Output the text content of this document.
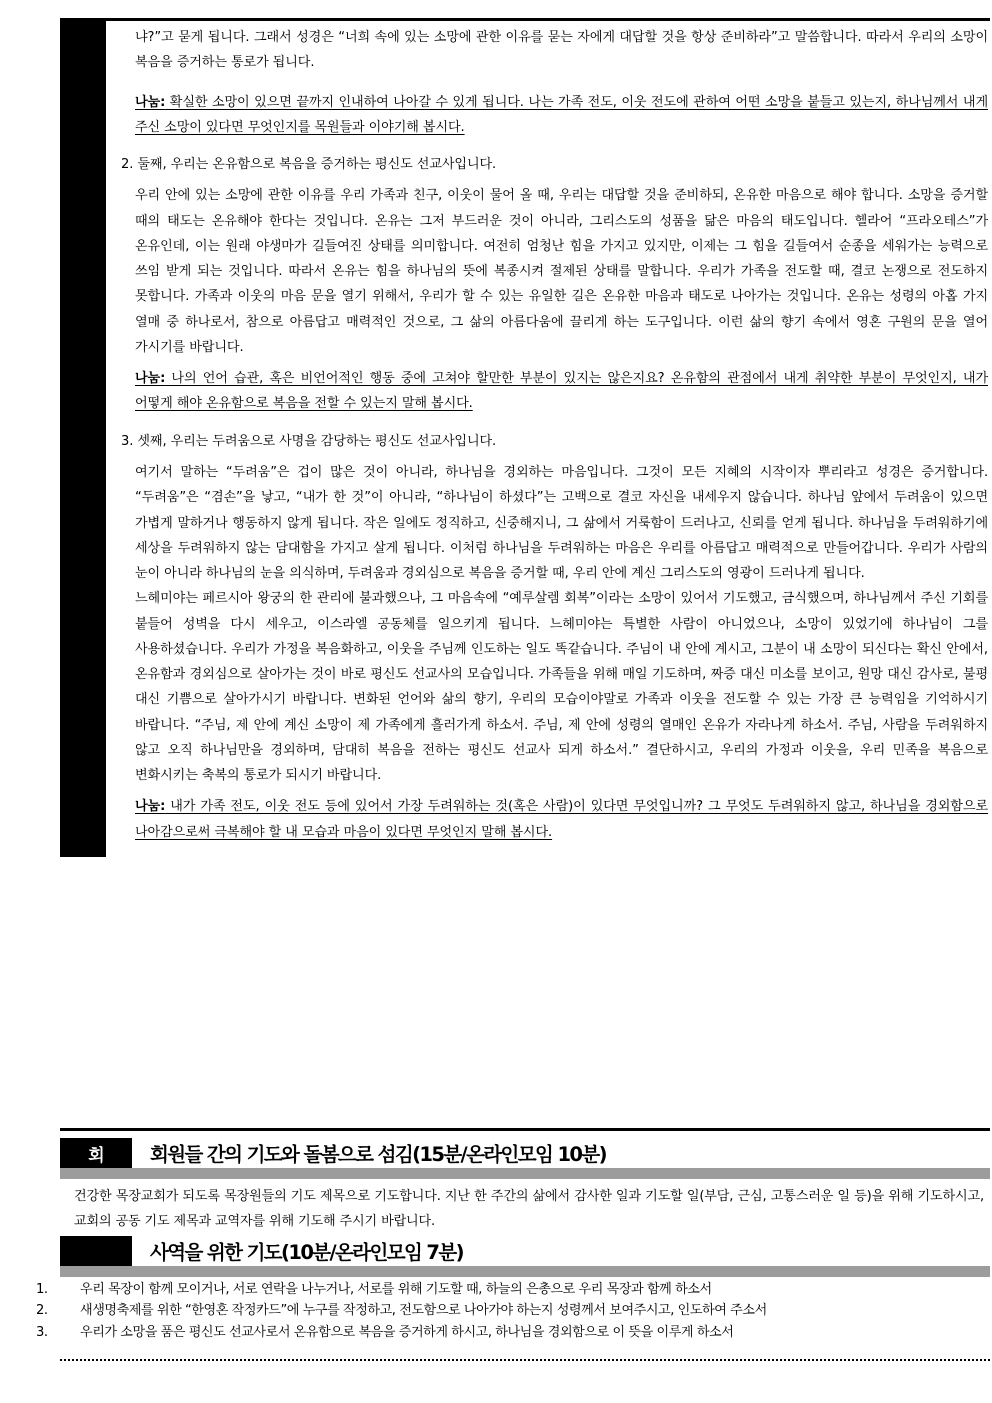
냐?”고 묻게 됩니다. 그래서 성경은 “너희 속에 있는 소망에 관한 이유를 묻는 자에게 대답할 것을 항상 준비하라”고 말씀합니다. 따라서 우리의 소망이 복음을 증거하는 통로가 됩니다.

나눔: 확실한 소망이 있으면 끝까지 인내하여 나아갈 수 있게 됩니다. 나는 가족 전도, 이웃 전도에 관하여 어떤 소망을 붙들고 있는지, 하나님께서 내게 주신 소망이 있다면 무엇인지를 목원들과 이야기해 봅시다.

2. 둘째, 우리는 온유함으로 복음을 증거하는 평신도 선교사입니다.

우리 안에 있는 소망에 관한 이유를 우리 가족과 친구, 이웃이 물어 올 때, 우리는 대답할 것을 준비하되, 온유한 마음으로 해야 합니다. 소망을 증거할 때의 태도는 온유해야 한다는 것입니다. 온유는 그저 부드러운 것이 아니라, 그리스도의 성품을 닮은 마음의 태도입니다. 헬라어 “프라오테스”가 온유인데, 이는 원래 야생마가 길들여진 상태를 의미합니다. 여전히 엄청난 힘을 가지고 있지만, 이제는 그 힘을 길들여서 순종을 세워가는 능력으로 쓰임 받게 되는 것입니다. 따라서 온유는 힘을 하나님의 뜻에 복종시켜 절제된 상태를 말합니다. 우리가 가족을 전도할 때, 결코 논쟁으로 전도하지 못합니다. 가족과 이웃의 마음 문을 열기 위해서, 우리가 할 수 있는 유일한 길은 온유한 마음과 태도로 나아가는 것입니다. 온유는 성령의 아홉 가지 열매 중 하나로서, 참으로 아름답고 매력적인 것으로, 그 삶의 아름다움에 끌리게 하는 도구입니다. 이런 삶의 향기 속에서 영혼 구원의 문을 열어 가시기를 바랍니다.

나눔: 나의 언어 습관, 혹은 비언어적인 행동 중에 고쳐야 할만한 부분이 있지는 않은지요? 온유함의 관점에서 내게 취약한 부분이 무엇인지, 내가 어떻게 해야 온유함으로 복음을 전할 수 있는지 말해 봅시다.

3. 셋째, 우리는 두려움으로 사명을 감당하는 평신도 선교사입니다.

여기서 말하는 “두려움”은 겁이 많은 것이 아니라, 하나님을 경외하는 마음입니다. 그것이 모든 지혜의 시작이자 뿌리라고 성경은 증거합니다. “두려움”은 “겸손”을 낳고, “내가 한 것”이 아니라, “하나님이 하셨다”는 고백으로 결코 자신을 내세우지 않습니다. 하나님 앞에서 두려움이 있으면 가볍게 말하거나 행동하지 않게 됩니다. 작은 일에도 정직하고, 신중해지니, 그 삶에서 거룩함이 드러나고, 신뢰를 얻게 됩니다. 하나님을 두려워하기에 세상을 두려워하지 않는 담대함을 가지고 살게 됩니다. 이처럼 하나님을 두려워하는 마음은 우리를 아름답고 매력적으로 만들어갑니다. 우리가 사람의 눈이 아니라 하나님의 눈을 의식하며, 두려움과 경외심으로 복음을 증거할 때, 우리 안에 계신 그리스도의 영광이 드러나게 됩니다.

느헤미야는 페르시아 왕궁의 한 관리에 불과했으나, 그 마음속에 “예루살렘 회복”이라는 소망이 있어서 기도했고, 금식했으며, 하나님께서 주신 기회를 붙들어 성벽을 다시 세우고, 이스라엘 공동체를 일으키게 됩니다. 느헤미야는 특별한 사람이 아니었으나, 소망이 있었기에 하나님이 그를 사용하셨습니다. 우리가 가정을 복음화하고, 이웃을 주님께 인도하는 일도 똑같습니다. 주님이 내 안에 계시고, 그분이 내 소망이 되신다는 확신 안에서, 온유함과 경외심으로 살아가는 것이 바로 평신도 선교사의 모습입니다. 가족들을 위해 매일 기도하며, 짜증 대신 미소를 보이고, 원망 대신 감사로, 불평 대신 기쁨으로 살아가시기 바랍니다. 변화된 언어와 삶의 향기, 우리의 모습이야말로 가족과 이웃을 전도할 수 있는 가장 큰 능력임을 기억하시기 바랍니다. “주님, 제 안에 계신 소망이 제 가족에게 흘러가게 하소서. 주님, 제 안에 성령의 열매인 온유가 자라나게 하소서. 주님, 사람을 두려워하지 않고 오직 하나님만을 경외하며, 담대히 복음을 전하는 평신도 선교사 되게 하소서.” 결단하시고, 우리의 가정과 이웃을, 우리 민족을 복음으로 변화시키는 축복의 통로가 되시기 바랍니다.

나눔: 내가 가족 전도, 이웃 전도 등에 있어서 가장 두려워하는 것(혹은 사람)이 있다면 무엇입니까? 그 무엇도 두려워하지 않고, 하나님을 경외함으로 나아감으로써 극복해야 할 내 모습과 마음이 있다면 무엇인지 말해 봅시다.

회	회원들 간의 기도와 돌봄으로 섬김(15분/온라인모임 10분)
건강한 목장교회가 되도록 목장원들의 기도 제목으로 기도합니다. 지난 한 주간의 삶에서 감사한 일과 기도할 일(부담, 근심, 고통스러운 일 등)을 위해 기도하시고, 교회의 공동 기도 제목과 교역자를 위해 기도해 주시기 바랍니다.
사역을 위한 기도(10분/온라인모임 7분)
1. 우리 목장이 함께 모이거나, 서로 연락을 나누거나, 서로를 위해 기도할 때, 하늘의 은총으로 우리 목장과 함께 하소서
2. 새생명축제를 위한 “한영혼 작정카드”에 누구를 작정하고, 전도함으로 나아가야 하는지 성령께서 보여주시고, 인도하여 주소서
3. 우리가 소망을 품은 평신도 선교사로서 온유함으로 복음을 증거하게 하시고, 하나님을 경외함으로 이 뜻을 이루게 하소서
